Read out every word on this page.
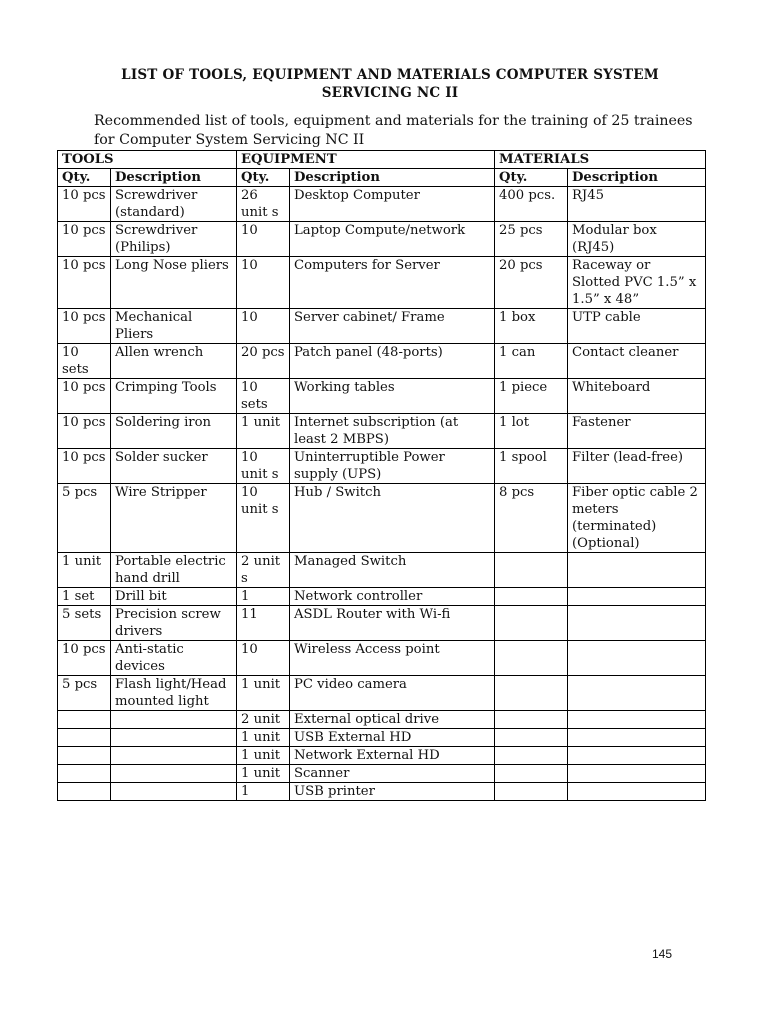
LIST OF TOOLS, EQUIPMENT AND MATERIALS COMPUTER SYSTEM
SERVICING NC II
Recommended list of tools, equipment and materials for the training of 25 trainees for Computer System Servicing NC II
TOOLS		EQUIPMENT		MATERIALS	
Qty.	Description	Qty.	Description	Qty.	Description
10 pcs	Screwdriver (standard)	26 unit s	Desktop Computer	400 pcs.	RJ45
10 pcs	Screwdriver (Philips)	10	Laptop Compute/network	25 pcs	Modular box (RJ45)
10 pcs	Long Nose pliers	10	Computers for Server	20 pcs	Raceway or Slotted PVC 1.5” x 1.5” x 48”
10 pcs	Mechanical Pliers	10	Server cabinet/ Frame	1 box	UTP cable
10 sets	Allen wrench	20 pcs	Patch panel (48-ports)	1 can	Contact cleaner
10 pcs	Crimping Tools	10 sets	Working tables	1 piece	Whiteboard
10 pcs	Soldering iron	1 unit	Internet subscription (at least 2 MBPS)	1 lot	Fastener
10 pcs	Solder sucker	10 unit s	Uninterruptible Power supply (UPS)	1 spool	Filter (lead-free)
5 pcs	Wire Stripper	10 unit s	Hub / Switch	8 pcs	Fiber optic cable 2 meters (terminated) (Optional)
1 unit	Portable electric hand drill	2 unit s	Managed Switch		
1 set	Drill bit	1	Network controller		
5 sets	Precision screw drivers	11	ASDL Router with Wi-fi		
10 pcs	Anti-static devices	10	Wireless Access point		
5 pcs	Flash light/Head mounted light	1 unit	PC video camera		
		2 unit	External optical drive		
		1 unit	USB External HD		
		1 unit	Network External HD		
		1 unit	Scanner		
		1	USB printer		
145
